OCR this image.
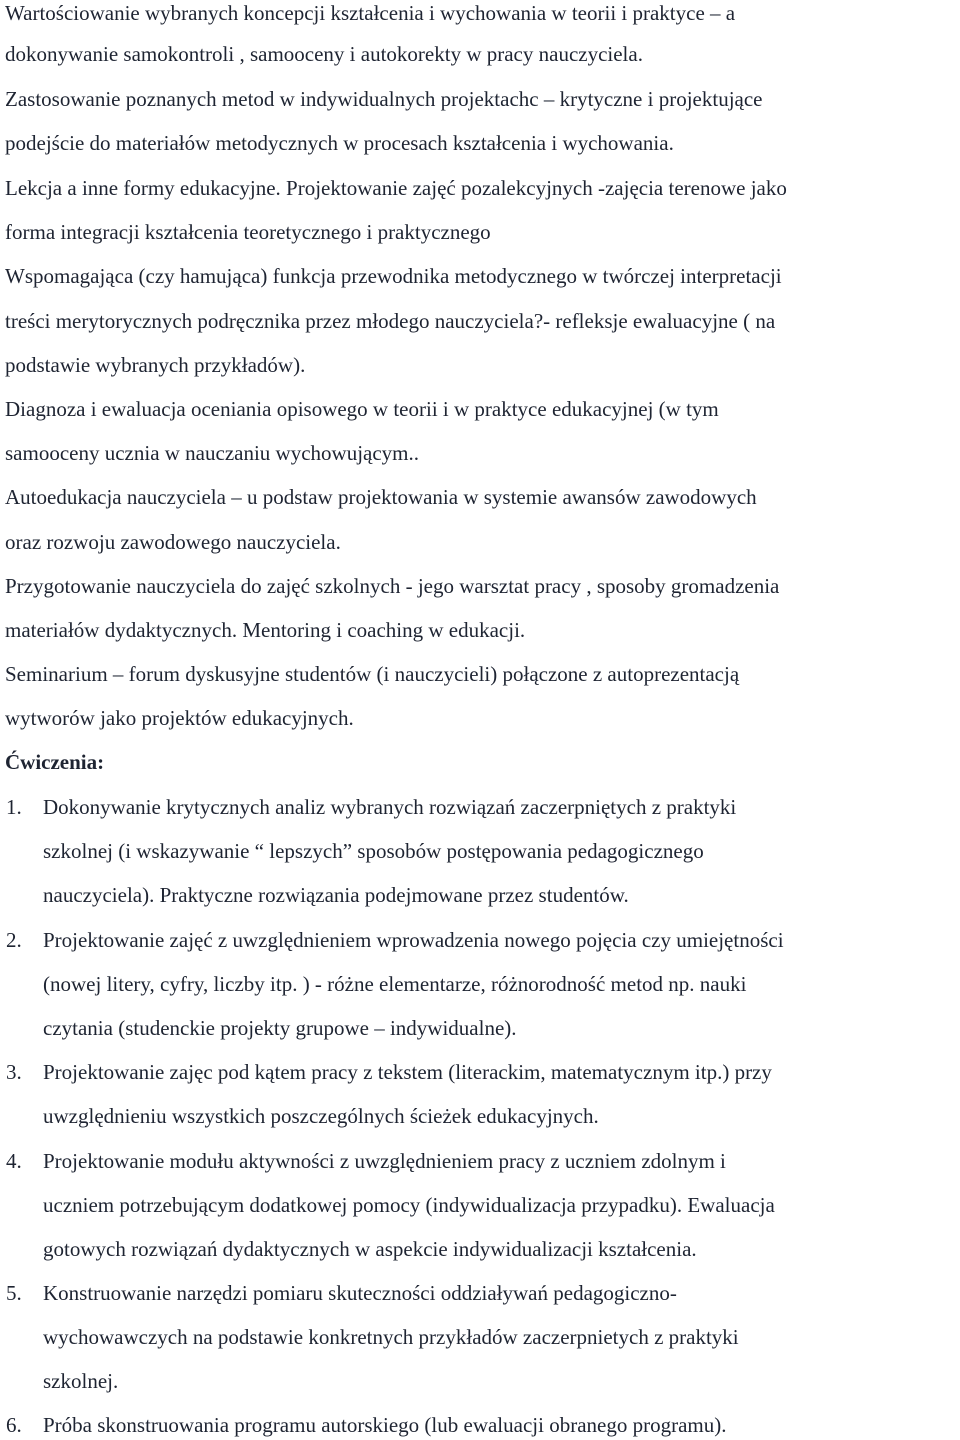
Wartościowanie wybranych koncepcji kształcenia i wychowania w teorii i praktyce – a
dokonywanie samokontroli , samooceny i autokorekty w pracy nauczyciela.
Zastosowanie poznanych metod w indywidualnych projektachc – krytyczne i projektujące
podejście do materiałów metodycznych w procesach kształcenia i wychowania.
Lekcja a inne formy edukacyjne. Projektowanie zajęć pozalekcyjnych -zajęcia terenowe jako
forma integracji kształcenia teoretycznego i praktycznego
Wspomagająca (czy hamująca) funkcja przewodnika metodycznego w twórczej interpretacji
treści merytorycznych podręcznika przez młodego nauczyciela?- refleksje ewaluacyjne ( na
podstawie wybranych przykładów).
Diagnoza i ewaluacja oceniania opisowego w teorii i w praktyce edukacyjnej (w tym
samooceny ucznia w nauczaniu wychowującym..
Autoedukacja nauczyciela – u podstaw projektowania w systemie awansów zawodowych
oraz rozwoju zawodowego nauczyciela.
Przygotowanie nauczyciela do zajęć szkolnych - jego warsztat pracy , sposoby gromadzenia
materiałów dydaktycznych. Mentoring i coaching w edukacji.
Seminarium – forum dyskusyjne studentów (i nauczycieli) połączone z autoprezentacją
wytworów jako projektów edukacyjnych.
Ćwiczenia:
1. Dokonywanie krytycznych analiz wybranych rozwiązań zaczerpniętych z praktyki
szkolnej (i wskazywanie “ lepszych” sposobów postępowania pedagogicznego
nauczyciela). Praktyczne rozwiązania podejmowane przez studentów.
2. Projektowanie zajęć z uwzględnieniem wprowadzenia nowego pojęcia czy umiejętności
(nowej litery, cyfry, liczby itp. ) - różne elementarze, różnorodność metod np. nauki
czytania (studenckie projekty grupowe – indywidualne).
3. Projektowanie zajęc pod kątem pracy z tekstem (literackim, matematycznym itp.) przy
uwzględnieniu wszystkich poszczególnych ścieżek edukacyjnych.
4. Projektowanie modułu aktywności z uwzględnieniem pracy z uczniem zdolnym i
uczniem potrzebującym dodatkowej pomocy (indywidualizacja przypadku). Ewaluacja
gotowych rozwiązań dydaktycznych w aspekcie indywidualizacji kształcenia.
5. Konstruowanie narzędzi pomiaru skuteczności oddziaływań pedagogiczno-
wychowawczych na podstawie konkretnych przykładów zaczerpnietych z praktyki
szkolnej.
6. Próba skonstruowania programu autorskiego (lub ewaluacji obranego programu).
